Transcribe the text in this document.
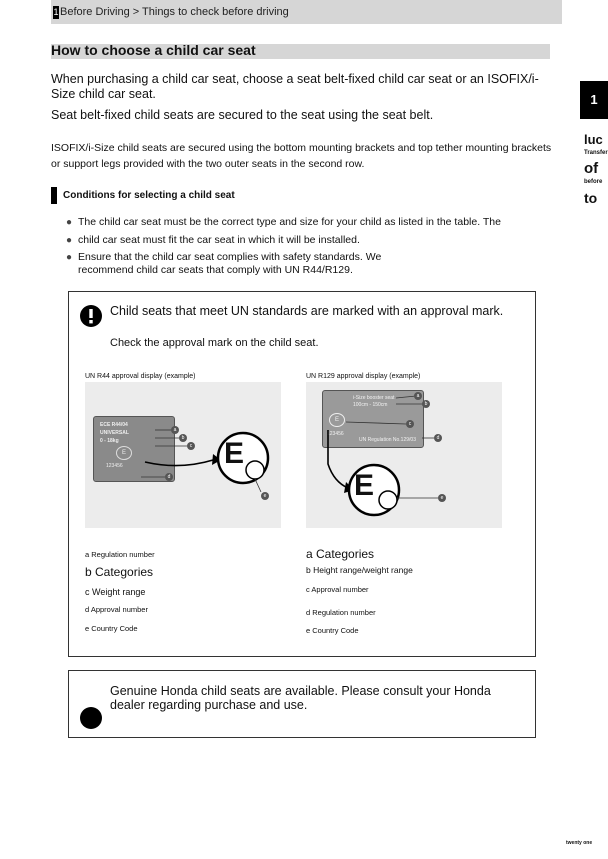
1 Before Driving > Things to check before driving
How to choose a child car seat
When purchasing a child car seat, choose a seat belt-fixed child car seat or an ISOFIX/i-Size child car seat.
Seat belt-fixed child seats are secured to the seat using the seat belt.
ISOFIX/i-Size child seats are secured using the bottom mounting brackets and top tether mounting brackets or support legs provided with the two outer seats in the second row.
Conditions for selecting a child seat
● The child car seat must be the correct type and size for your child as listed in the table. The
● child car seat must fit the car seat in which it will be installed.
● Ensure that the child car seat complies with safety standards. We recommend child car seats that comply with UN R44/R129.
Child seats that meet UN standards are marked with an approval mark.
Check the approval mark on the child seat.
UN R44 approval display (example)
ECE R44/04
UNIVERSAL
0 - 18kg
E
123456	E
a
b
c
d
e
UN R129 approval display (example)
i-Size booster seat
100cm - 150cm
E
123456
UN Regulation No.129/03
E
a
b
c
d
e
a Regulation number
b Categories
c Weight range
d Approval number
e Country Code
a Categories
b Height range/weight range
c Approval number
d Regulation number
e Country Code
Genuine Honda child seats are available. Please consult your Honda dealer regarding purchase and use.
1
luc
Transfer
of
before
to
twenty one
